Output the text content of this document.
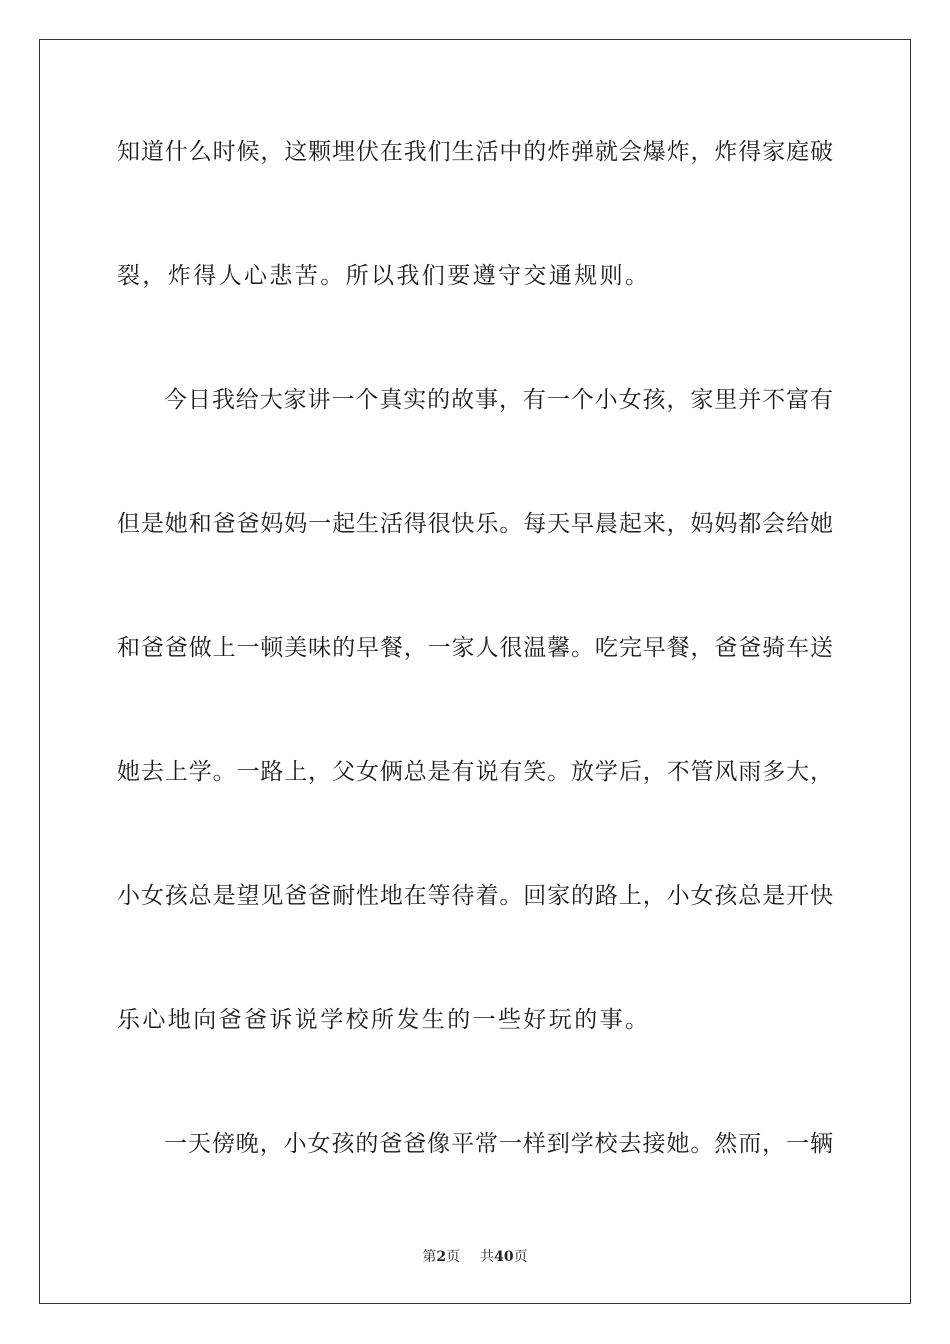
知道什么时候，这颗埋伏在我们生活中的炸弹就会爆炸，炸得家庭破
裂，炸得人心悲苦。所以我们要遵守交通规则。
今日我给大家讲一个真实的故事，有一个小女孩，家里并不富有
但是她和爸爸妈妈一起生活得很快乐。每天早晨起来，妈妈都会给她
和爸爸做上一顿美味的早餐，一家人很温馨。吃完早餐，爸爸骑车送
她去上学。一路上，父女俩总是有说有笑。放学后，不管风雨多大，
小女孩总是望见爸爸耐性地在等待着。回家的路上，小女孩总是开快
乐心地向爸爸诉说学校所发生的一些好玩的事。
一天傍晚，小女孩的爸爸像平常一样到学校去接她。然而，一辆
第2页 共40页
